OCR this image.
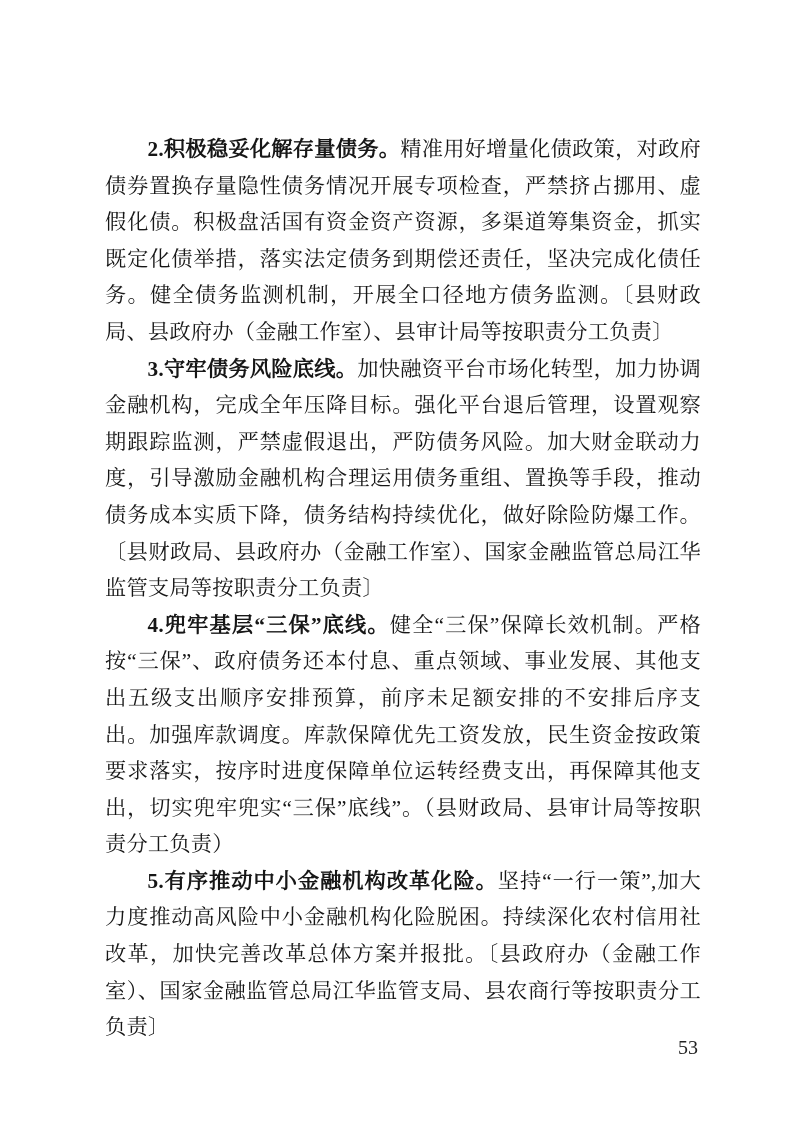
2.积极稳妥化解存量债务。精准用好增量化债政策，对政府债券置换存量隐性债务情况开展专项检查，严禁挤占挪用、虚假化债。积极盘活国有资金资产资源，多渠道筹集资金，抓实既定化债举措，落实法定债务到期偿还责任，坚决完成化债任务。健全债务监测机制，开展全口径地方债务监测。〔县财政局、县政府办（金融工作室）、县审计局等按职责分工负责〕

3.守牢债务风险底线。加快融资平台市场化转型，加力协调金融机构，完成全年压降目标。强化平台退后管理，设置观察期跟踪监测，严禁虚假退出，严防债务风险。加大财金联动力度，引导激励金融机构合理运用债务重组、置换等手段，推动债务成本实质下降，债务结构持续优化，做好除险防爆工作。〔县财政局、县政府办（金融工作室）、国家金融监管总局江华监管支局等按职责分工负责〕

4.兜牢基层“三保”底线。健全“三保”保障长效机制。严格按“三保”、政府债务还本付息、重点领域、事业发展、其他支出五级支出顺序安排预算，前序未足额安排的不安排后序支出。加强库款调度。库款保障优先工资发放，民生资金按政策要求落实，按序时进度保障单位运转经费支出，再保障其他支出，切实兜牢兜实“三保”底线”。（县财政局、县审计局等按职责分工负责）

5.有序推动中小金融机构改革化险。坚持“一行一策”,加大力度推动高风险中小金融机构化险脱困。持续深化农村信用社改革，加快完善改革总体方案并报批。〔县政府办（金融工作室）、国家金融监管总局江华监管支局、县农商行等按职责分工负责〕

53
